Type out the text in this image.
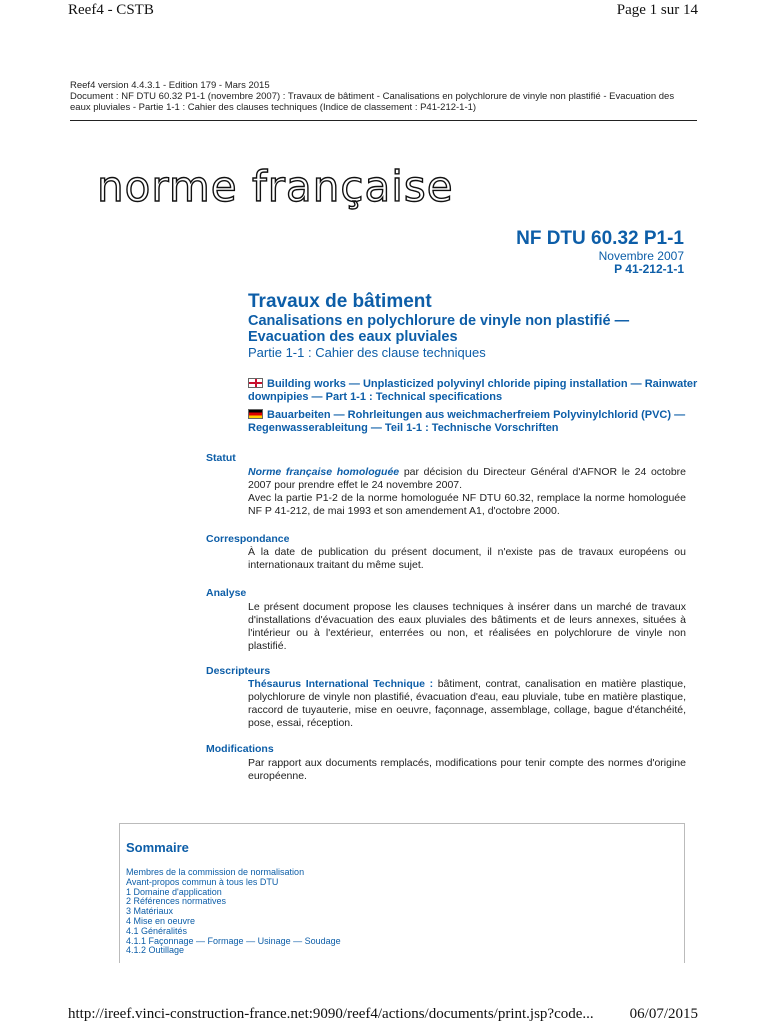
Reef4 - CSTB	Page 1 sur 14
Reef4 version 4.4.3.1 - Edition 179 - Mars 2015
Document : NF DTU 60.32 P1-1 (novembre 2007) : Travaux de bâtiment - Canalisations en polychlorure de vinyle non plastifié - Evacuation des eaux pluviales - Partie 1-1 : Cahier des clauses techniques (Indice de classement : P41-212-1-1)
norme française
NF DTU 60.32 P1-1
Novembre 2007
P 41-212-1-1
Travaux de bâtiment
Canalisations en polychlorure de vinyle non plastifié — Evacuation des eaux pluviales
Partie 1-1 : Cahier des clause techniques
Building works — Unplasticized polyvinyl chloride piping installation — Rainwater downpipies — Part 1-1 : Technical specifications
Bauarbeiten — Rohrleitungen aus weichmacherfreiem Polyvinylchlorid (PVC) — Regenwasserableitung — Teil 1-1 : Technische Vorschriften
Statut

Norme française homologuée par décision du Directeur Général d'AFNOR le 24 octobre 2007 pour prendre effet le 24 novembre 2007.

Avec la partie P1-2 de la norme homologuée NF DTU 60.32, remplace la norme homologuée NF P 41-212, de mai 1993 et son amendement A1, d'octobre 2000.

Correspondance
À la date de publication du présent document, il n'existe pas de travaux européens ou internationaux traitant du même sujet.
Analyse
Le présent document propose les clauses techniques à insérer dans un marché de travaux d'installations d'évacuation des eaux pluviales des bâtiments et de leurs annexes, situées à l'intérieur ou à l'extérieur, enterrées ou non, et réalisées en polychlorure de vinyle non plastifié.
Descripteurs
Thésaurus International Technique : bâtiment, contrat, canalisation en matière plastique, polychlorure de vinyle non plastifié, évacuation d'eau, eau pluviale, tube en matière plastique, raccord de tuyauterie, mise en oeuvre, façonnage, assemblage, collage, bague d'étanchéité, pose, essai, réception.
Modifications
Par rapport aux documents remplacés, modifications pour tenir compte des normes d'origine européenne.
Sommaire
Membres de la commission de normalisation
Avant-propos commun à tous les DTU
1 Domaine d'application
2 Références normatives
3 Matériaux
4 Mise en oeuvre
4.1 Généralités
4.1.1 Façonnage — Formage — Usinage — Soudage
4.1.2 Outillage
http://ireef.vinci-construction-france.net:9090/reef4/actions/documents/print.jsp?code... 06/07/2015
